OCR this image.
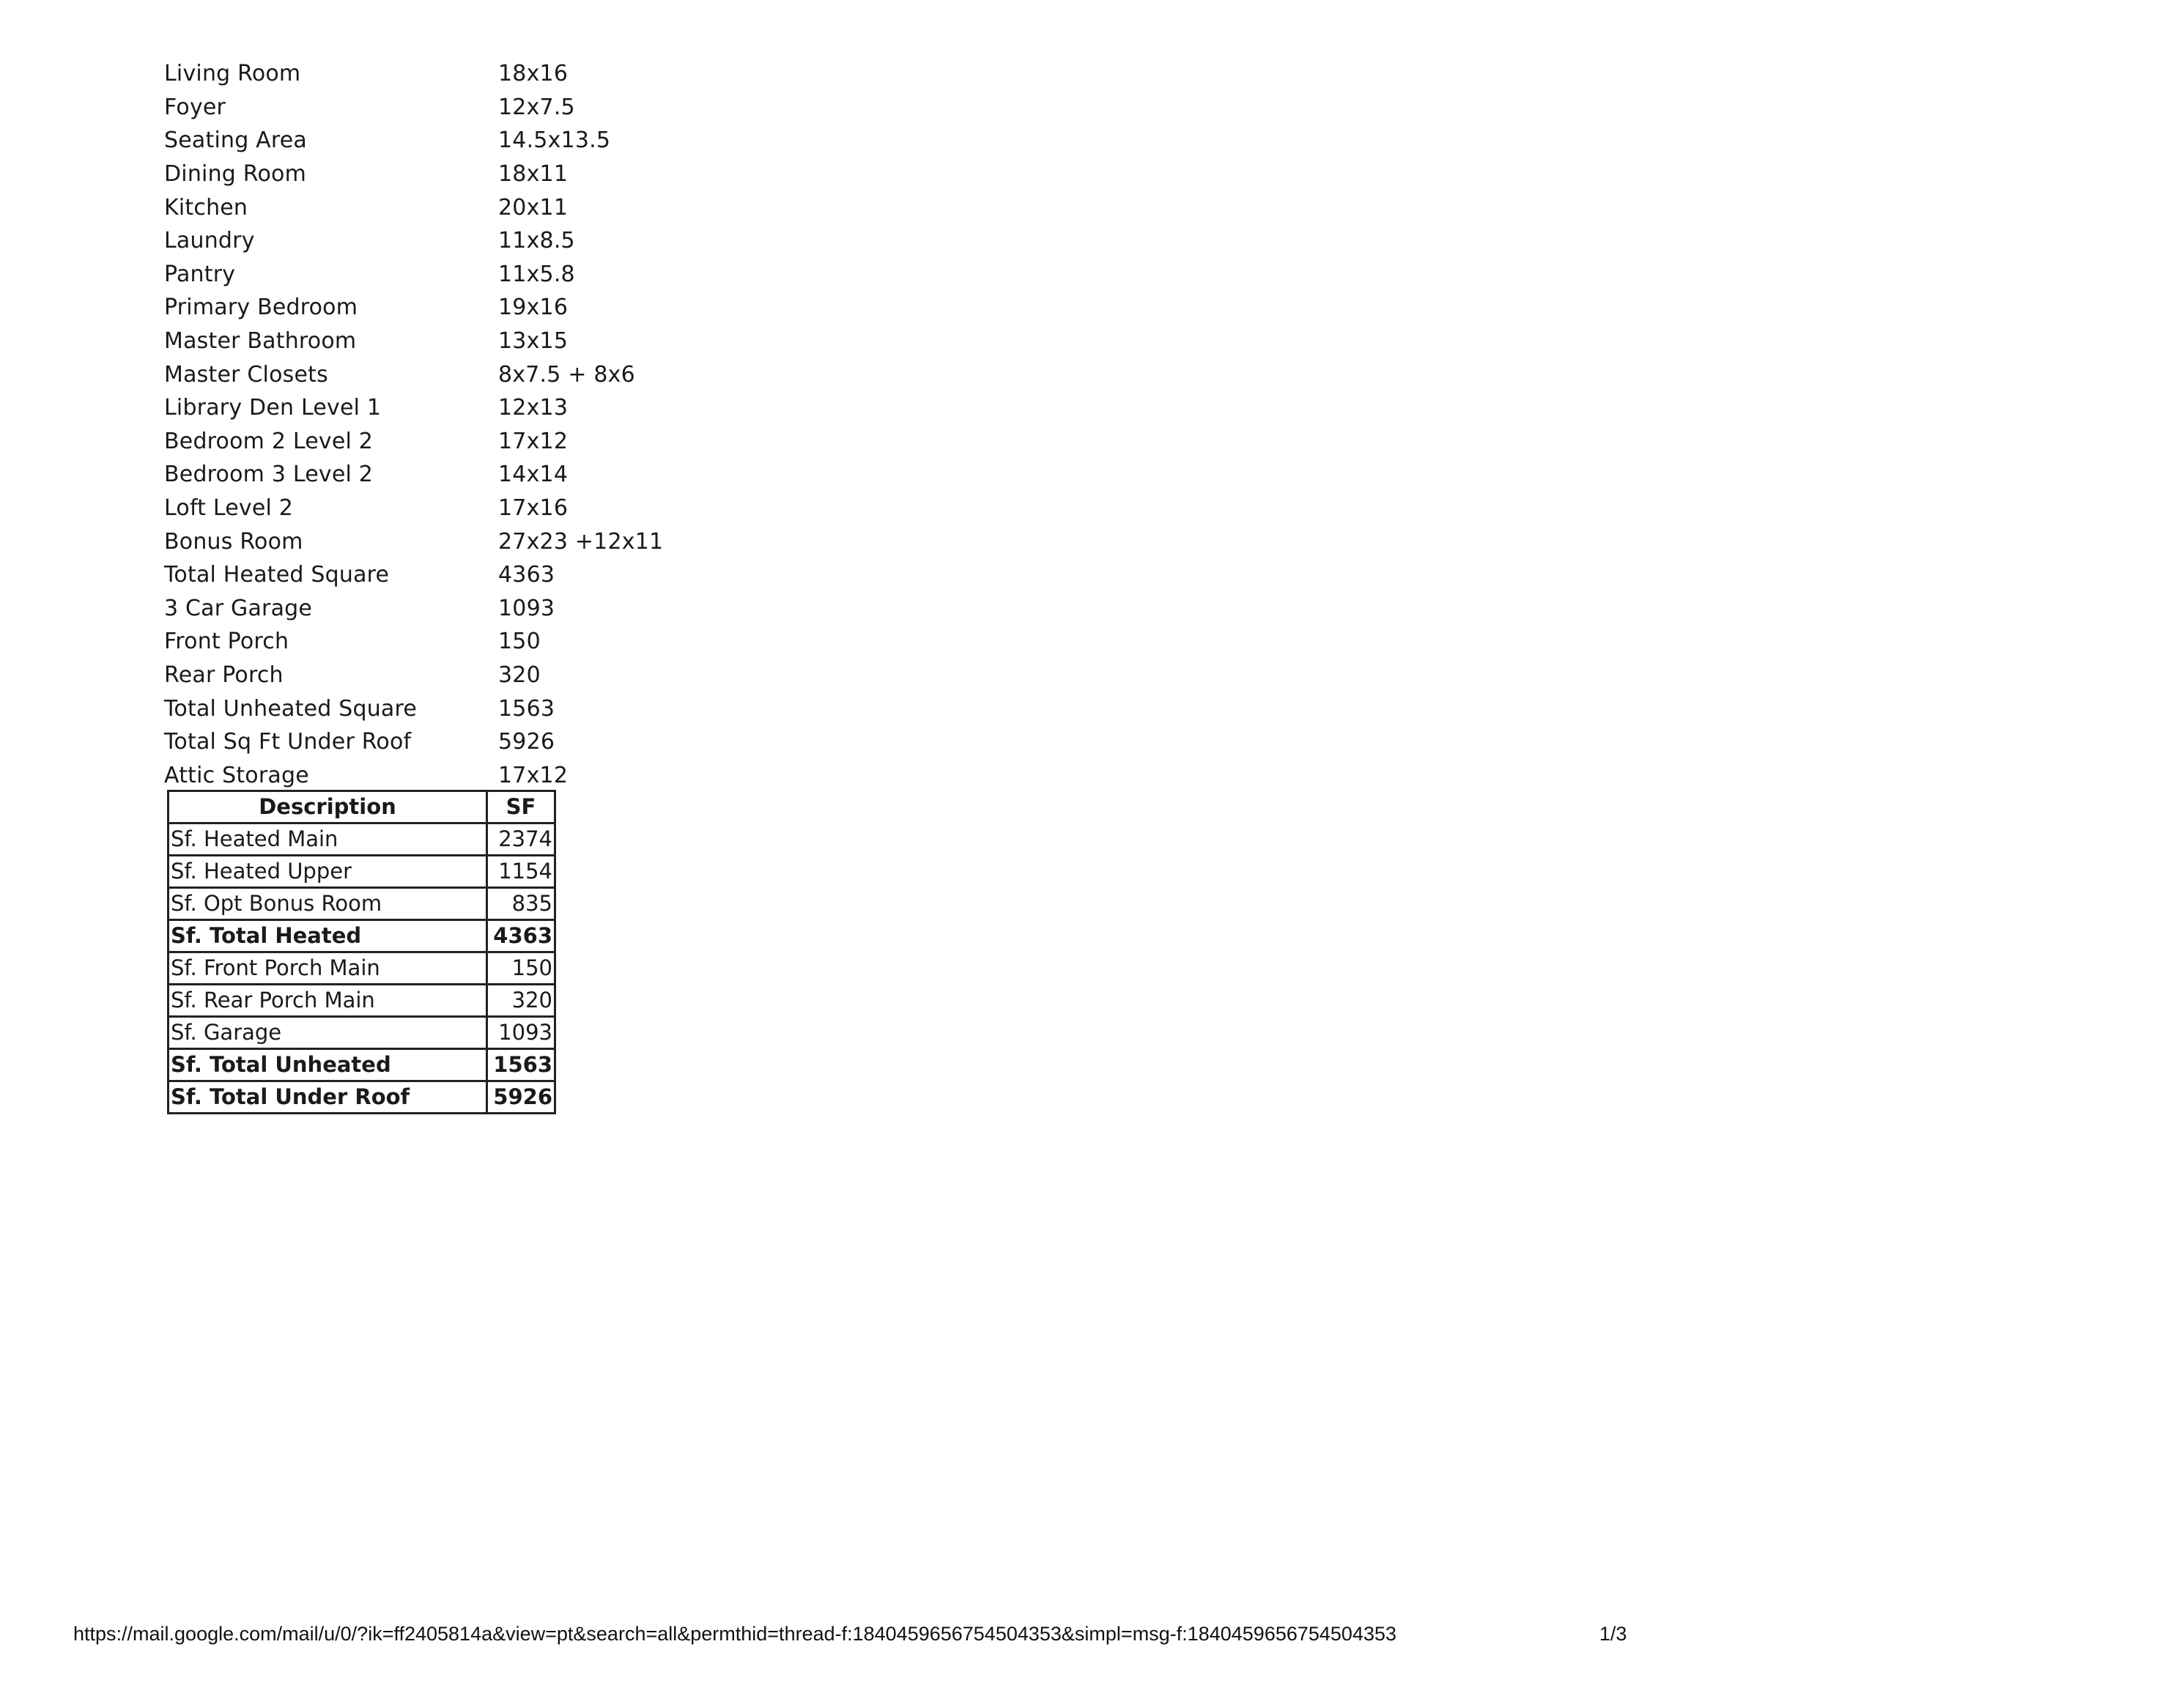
Living Room	18x16
Foyer	12x7.5
Seating Area	14.5x13.5
Dining Room	18x11
Kitchen	20x11
Laundry	11x8.5
Pantry	11x5.8
Primary Bedroom	19x16
Master Bathroom	13x15
Master Closets	8x7.5 + 8x6
Library Den Level 1	12x13
Bedroom 2 Level 2	17x12
Bedroom 3 Level 2	14x14
Loft Level 2	17x16
Bonus Room	27x23 +12x11
Total Heated Square	4363
3 Car Garage	1093
Front Porch	150
Rear Porch	320
Total Unheated Square	1563
Total Sq Ft Under Roof	5926
Attic Storage	17x12
Description	SF
Sf. Heated Main	2374
Sf. Heated Upper	1154
Sf. Opt Bonus Room	835
Sf. Total Heated	4363
Sf. Front Porch Main	150
Sf. Rear Porch Main	320
Sf. Garage	1093
Sf. Total Unheated	1563
Sf. Total Under Roof	5926
https://mail.google.com/mail/u/0/?ik=ff2405814a&view=pt&search=all&permthid=thread-f:1840459656754504353&simpl=msg-f:1840459656754504353	1/3
